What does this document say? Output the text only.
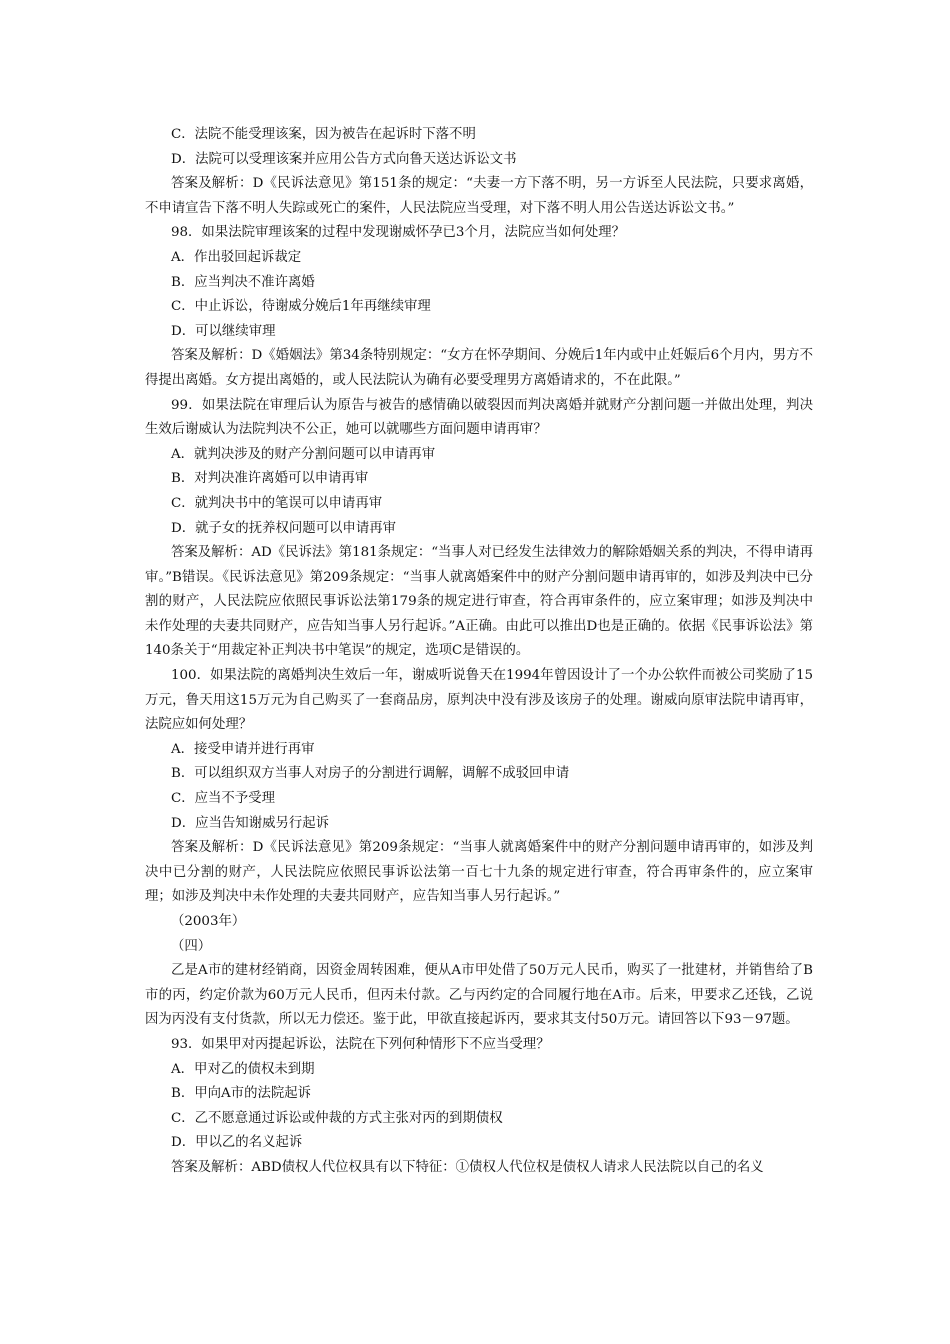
C．法院不能受理该案，因为被告在起诉时下落不明

D．法院可以受理该案并应用公告方式向鲁天送达诉讼文书

答案及解析：D《民诉法意见》第151条的规定：“夫妻一方下落不明，另一方诉至人民法院，只要求离婚，不申请宣告下落不明人失踪或死亡的案件，人民法院应当受理，对下落不明人用公告送达诉讼文书。”

98．如果法院审理该案的过程中发现谢威怀孕已3个月，法院应当如何处理？

A．作出驳回起诉裁定

B．应当判决不准许离婚

C．中止诉讼，待谢威分娩后1年再继续审理

D．可以继续审理

答案及解析：D《婚姻法》第34条特别规定：“女方在怀孕期间、分娩后1年内或中止妊娠后6个月内，男方不得提出离婚。女方提出离婚的，或人民法院认为确有必要受理男方离婚请求的，不在此限。”

99．如果法院在审理后认为原告与被告的感情确以破裂因而判决离婚并就财产分割问题一并做出处理，判决生效后谢威认为法院判决不公正，她可以就哪些方面问题申请再审？

A．就判决涉及的财产分割问题可以申请再审

B．对判决准许离婚可以申请再审

C．就判决书中的笔误可以申请再审

D．就子女的抚养权问题可以申请再审

答案及解析：AD《民诉法》第181条规定：“当事人对已经发生法律效力的解除婚姻关系的判决，不得申请再审。”B错误。《民诉法意见》第209条规定：“当事人就离婚案件中的财产分割问题申请再审的，如涉及判决中已分割的财产，人民法院应依照民事诉讼法第179条的规定进行审查，符合再审条件的，应立案审理；如涉及判决中未作处理的夫妻共同财产，应告知当事人另行起诉。”A正确。由此可以推出D也是正确的。依据《民事诉讼法》第140条关于“用裁定补正判决书中笔误”的规定，选项C是错误的。

100．如果法院的离婚判决生效后一年，谢威听说鲁天在1994年曾因设计了一个办公软件而被公司奖励了15万元，鲁天用这15万元为自己购买了一套商品房，原判决中没有涉及该房子的处理。谢威向原审法院申请再审，法院应如何处理？

A．接受申请并进行再审

B．可以组织双方当事人对房子的分割进行调解，调解不成驳回申请

C．应当不予受理

D．应当告知谢威另行起诉

答案及解析：D《民诉法意见》第209条规定：“当事人就离婚案件中的财产分割问题申请再审的，如涉及判决中已分割的财产，人民法院应依照民事诉讼法第一百七十九条的规定进行审查，符合再审条件的，应立案审理；如涉及判决中未作处理的夫妻共同财产，应告知当事人另行起诉。”

（2003年）

（四）

乙是A市的建材经销商，因资金周转困难，便从A市甲处借了50万元人民币，购买了一批建材，并销售给了B市的丙，约定价款为60万元人民币，但丙未付款。乙与丙约定的合同履行地在A市。后来，甲要求乙还钱，乙说因为丙没有支付货款，所以无力偿还。鉴于此，甲欲直接起诉丙，要求其支付50万元。请回答以下93－97题。

93．如果甲对丙提起诉讼，法院在下列何种情形下不应当受理？

A．甲对乙的债权未到期

B．甲向A市的法院起诉

C．乙不愿意通过诉讼或仲裁的方式主张对丙的到期债权

D．甲以乙的名义起诉

答案及解析：ABD债权人代位权具有以下特征：①债权人代位权是债权人请求人民法院以自己的名义
